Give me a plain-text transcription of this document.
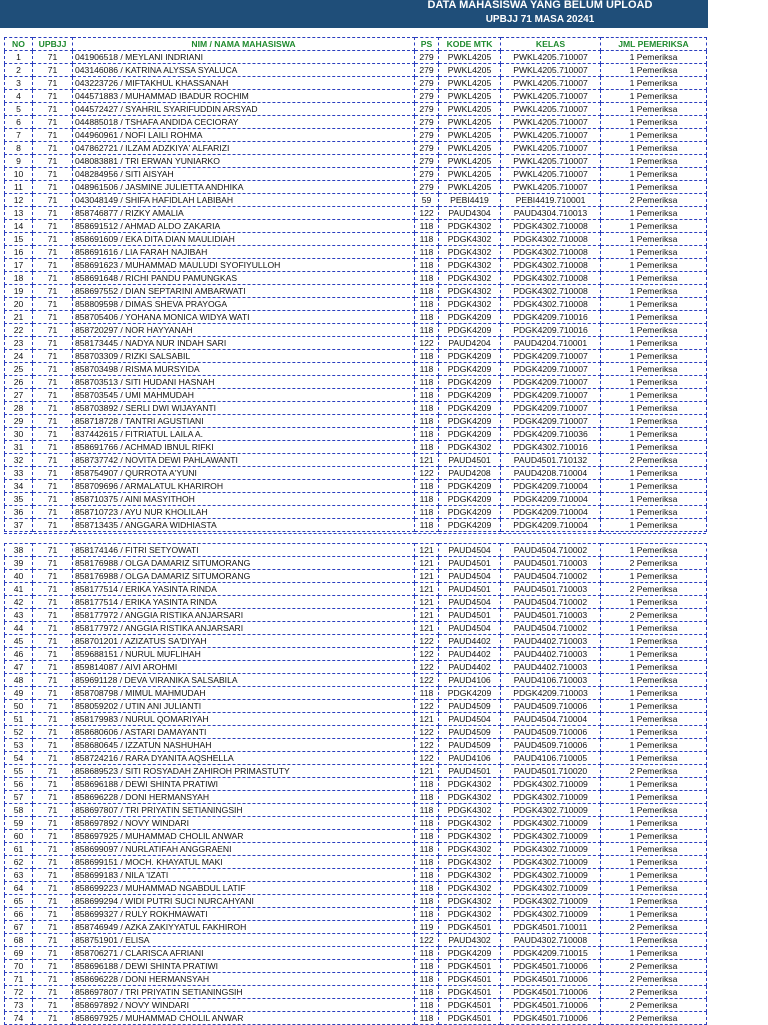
DATA MAHASISWA YANG BELUM UPLOAD
UPBJJ 71 MASA 20241
NO	UPBJJ	NIM / NAMA MAHASISWA	PS	KODE MTK	KELAS	JML PEMERIKSA
1	71	041906518 / MEYLANI INDRIANI	279	PWKL4205	PWKL4205.710007	1 Pemeriksa
2	71	043146086 / KATRINA ALYSSA SYALUCA	279	PWKL4205	PWKL4205.710007	1 Pemeriksa
3	71	043223726 / MIFTAKHUL KHASSANAH	279	PWKL4205	PWKL4205.710007	1 Pemeriksa
4	71	044571883 / MUHAMMAD IBADUR ROCHIM	279	PWKL4205	PWKL4205.710007	1 Pemeriksa
5	71	044572427 / SYAHRIL SYARIFUDDIN ARSYAD	279	PWKL4205	PWKL4205.710007	1 Pemeriksa
6	71	044885018 / TSHAFA ANDIDA CECIORAY	279	PWKL4205	PWKL4205.710007	1 Pemeriksa
7	71	044960961 / NOFI LAILI ROHMA	279	PWKL4205	PWKL4205.710007	1 Pemeriksa
8	71	047862721 / ILZAM ADZKIYA' ALFARIZI	279	PWKL4205	PWKL4205.710007	1 Pemeriksa
9	71	048083881 / TRI ERWAN YUNIARKO	279	PWKL4205	PWKL4205.710007	1 Pemeriksa
10	71	048284956 / SITI AISYAH	279	PWKL4205	PWKL4205.710007	1 Pemeriksa
11	71	048961506 / JASMINE JULIETTA ANDHIKA	279	PWKL4205	PWKL4205.710007	1 Pemeriksa
12	71	043048149 / SHIFA HAFIDLAH LABIBAH	59	PEBI4419	PEBI4419.710001	2 Pemeriksa
13	71	858746877 / RIZKY AMALIA	122	PAUD4304	PAUD4304.710013	1 Pemeriksa
14	71	858691512 / AHMAD ALDO ZAKARIA	118	PDGK4302	PDGK4302.710008	1 Pemeriksa
15	71	858691609 / EKA DITA DIAN MAULIDIAH	118	PDGK4302	PDGK4302.710008	1 Pemeriksa
16	71	858691616 / LIA FARAH NAJIBAH	118	PDGK4302	PDGK4302.710008	1 Pemeriksa
17	71	858691623 / MUHAMMAD MAULUDI SYOFIYULLOH	118	PDGK4302	PDGK4302.710008	1 Pemeriksa
18	71	858691648 / RICHI PANDU PAMUNGKAS	118	PDGK4302	PDGK4302.710008	1 Pemeriksa
19	71	858697552 / DIAN SEPTARINI AMBARWATI	118	PDGK4302	PDGK4302.710008	1 Pemeriksa
20	71	858809598 / DIMAS SHEVA PRAYOGA	118	PDGK4302	PDGK4302.710008	1 Pemeriksa
21	71	858705406 / YOHANA MONICA WIDYA WATI	118	PDGK4209	PDGK4209.710016	1 Pemeriksa
22	71	858720297 / NOR HAYYANAH	118	PDGK4209	PDGK4209.710016	1 Pemeriksa
23	71	858173445 / NADYA NUR INDAH SARI	122	PAUD4204	PAUD4204.710001	1 Pemeriksa
24	71	858703309 / RIZKI SALSABIL	118	PDGK4209	PDGK4209.710007	1 Pemeriksa
25	71	858703498 / RISMA MURSYIDA	118	PDGK4209	PDGK4209.710007	1 Pemeriksa
26	71	858703513 / SITI HUDANI HASNAH	118	PDGK4209	PDGK4209.710007	1 Pemeriksa
27	71	858703545 / UMI MAHMUDAH	118	PDGK4209	PDGK4209.710007	1 Pemeriksa
28	71	858703892 / SERLI DWI WIJAYANTI	118	PDGK4209	PDGK4209.710007	1 Pemeriksa
29	71	858718728 / TANTRI AGUSTIANI	118	PDGK4209	PDGK4209.710007	1 Pemeriksa
30	71	837442615 / FITRIATUL LAILA A.	118	PDGK4209	PDGK4209.710036	1 Pemeriksa
31	71	858691766 / ACHMAD IBNUL RIFKI	118	PDGK4302	PDGK4302.710016	1 Pemeriksa
32	71	858737742 / NOVITA DEWI PAHLAWANTI	121	PAUD4501	PAUD4501.710132	2 Pemeriksa
33	71	858754907 / QURROTA A'YUNI	122	PAUD4208	PAUD4208.710004	1 Pemeriksa
34	71	858709696 / ARMALATUL KHARIROH	118	PDGK4209	PDGK4209.710004	1 Pemeriksa
35	71	858710375 / AINI MASYITHOH	118	PDGK4209	PDGK4209.710004	1 Pemeriksa
36	71	858710723 / AYU NUR KHOLILAH	118	PDGK4209	PDGK4209.710004	1 Pemeriksa
37	71	858713435 / ANGGARA WIDHIASTA	118	PDGK4209	PDGK4209.710004	1 Pemeriksa
38	71	858174146 / FITRI SETYOWATI	121	PAUD4504	PAUD4504.710002	1 Pemeriksa
39	71	858176988 / OLGA DAMARIZ SITUMORANG	121	PAUD4501	PAUD4501.710003	2 Pemeriksa
40	71	858176988 / OLGA DAMARIZ SITUMORANG	121	PAUD4504	PAUD4504.710002	1 Pemeriksa
41	71	858177514 / ERIKA YASINTA RINDA	121	PAUD4501	PAUD4501.710003	2 Pemeriksa
42	71	858177514 / ERIKA YASINTA RINDA	121	PAUD4504	PAUD4504.710002	1 Pemeriksa
43	71	858177972 / ANGGIA RISTIKA ANJARSARI	121	PAUD4501	PAUD4501.710003	2 Pemeriksa
44	71	858177972 / ANGGIA RISTIKA ANJARSARI	121	PAUD4504	PAUD4504.710002	1 Pemeriksa
45	71	858701201 / AZIZATUS SA'DIYAH	122	PAUD4402	PAUD4402.710003	1 Pemeriksa
46	71	859688151 / NURUL MUFLIHAH	122	PAUD4402	PAUD4402.710003	1 Pemeriksa
47	71	859814087 / AIVI AROHMI	122	PAUD4402	PAUD4402.710003	1 Pemeriksa
48	71	859691128 / DEVA VIRANIKA SALSABILA	122	PAUD4106	PAUD4106.710003	1 Pemeriksa
49	71	858708798 / MIMUL MAHMUDAH	118	PDGK4209	PDGK4209.710003	1 Pemeriksa
50	71	858059202 / UTIN ANI JULIANTI	122	PAUD4509	PAUD4509.710006	1 Pemeriksa
51	71	858179983 / NURUL QOMARIYAH	121	PAUD4504	PAUD4504.710004	1 Pemeriksa
52	71	858680606 / ASTARI DAMAYANTI	122	PAUD4509	PAUD4509.710006	1 Pemeriksa
53	71	858680645 / IZZATUN NASHUHAH	122	PAUD4509	PAUD4509.710006	1 Pemeriksa
54	71	858724216 / RARA DYANITA AQSHELLA	122	PAUD4106	PAUD4106.710005	1 Pemeriksa
55	71	858689523 / SITI ROSYADAH ZAHIROH PRIMASTUTY	121	PAUD4501	PAUD4501.710020	2 Pemeriksa
56	71	858696188 / DEWI SHINTA PRATIWI	118	PDGK4302	PDGK4302.710009	1 Pemeriksa
57	71	858696228 / DONI HERMANSYAH	118	PDGK4302	PDGK4302.710009	1 Pemeriksa
58	71	858697807 / TRI PRIYATIN SETIANINGSIH	118	PDGK4302	PDGK4302.710009	1 Pemeriksa
59	71	858697892 / NOVY WINDARI	118	PDGK4302	PDGK4302.710009	1 Pemeriksa
60	71	858697925 / MUHAMMAD CHOLIL ANWAR	118	PDGK4302	PDGK4302.710009	1 Pemeriksa
61	71	858699097 / NURLATIFAH ANGGRAENI	118	PDGK4302	PDGK4302.710009	1 Pemeriksa
62	71	858699151 / MOCH. KHAYATUL MAKI	118	PDGK4302	PDGK4302.710009	1 Pemeriksa
63	71	858699183 / NILA 'IZATI	118	PDGK4302	PDGK4302.710009	1 Pemeriksa
64	71	858699223 / MUHAMMAD NGABDUL LATIF	118	PDGK4302	PDGK4302.710009	1 Pemeriksa
65	71	858699294 / WIDI PUTRI SUCI NURCAHYANI	118	PDGK4302	PDGK4302.710009	1 Pemeriksa
66	71	858699327 / RULY ROKHMAWATI	118	PDGK4302	PDGK4302.710009	1 Pemeriksa
67	71	858746949 / AZKA ZAKIYYATUL FAKHIROH	119	PDGK4501	PDGK4501.710011	2 Pemeriksa
68	71	858751901 / ELISA	122	PAUD4302	PAUD4302.710008	1 Pemeriksa
69	71	858706271 / CLARISCA AFRIANI	118	PDGK4209	PDGK4209.710015	1 Pemeriksa
70	71	858696188 / DEWI SHINTA PRATIWI	118	PDGK4501	PDGK4501.710006	2 Pemeriksa
71	71	858696228 / DONI HERMANSYAH	118	PDGK4501	PDGK4501.710006	2 Pemeriksa
72	71	858697807 / TRI PRIYATIN SETIANINGSIH	118	PDGK4501	PDGK4501.710006	2 Pemeriksa
73	71	858697892 / NOVY WINDARI	118	PDGK4501	PDGK4501.710006	2 Pemeriksa
74	71	858697925 / MUHAMMAD CHOLIL ANWAR	118	PDGK4501	PDGK4501.710006	2 Pemeriksa
